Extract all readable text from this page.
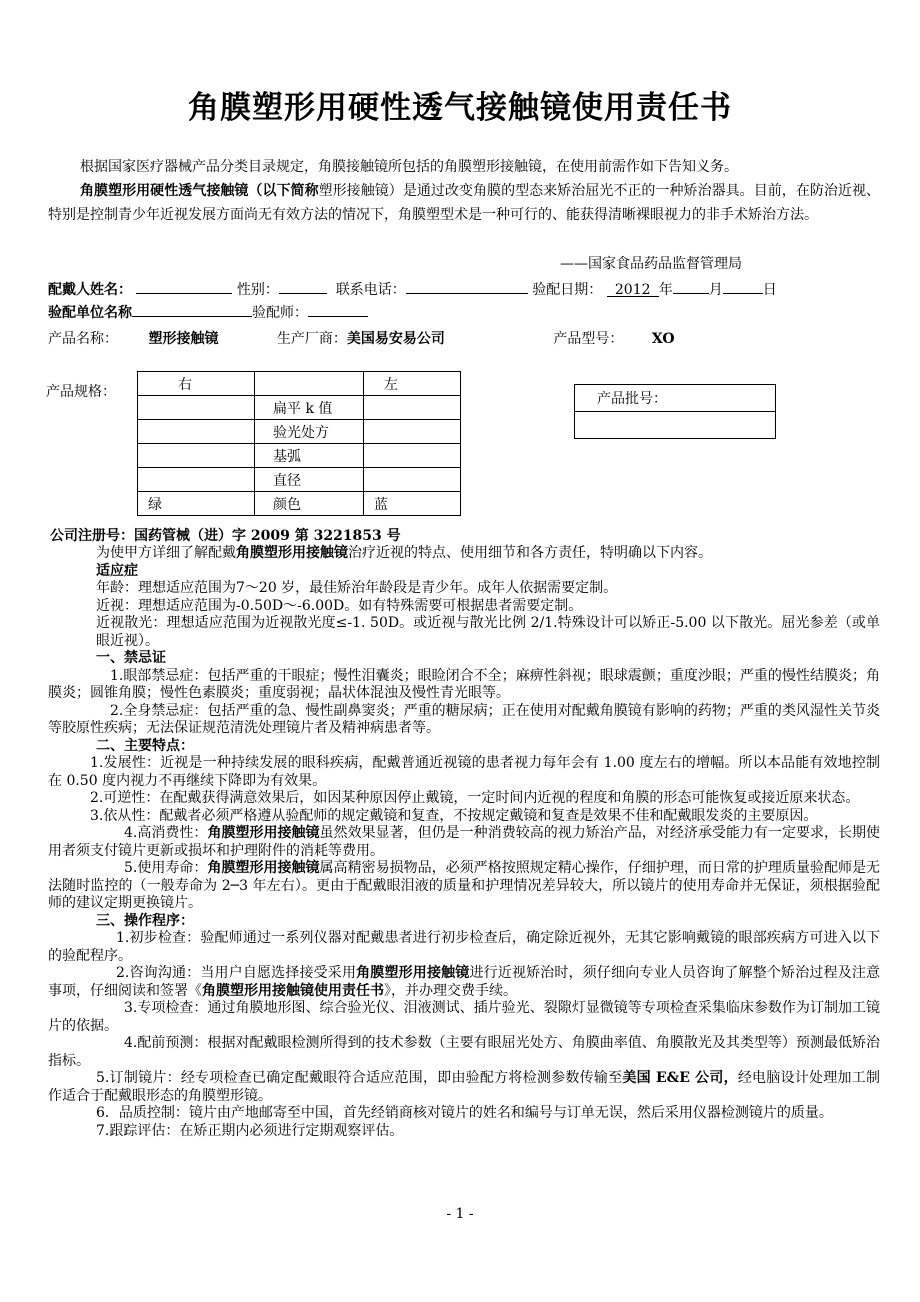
角膜塑形用硬性透气接触镜使用责任书

根据国家医疗器械产品分类目录规定，角膜接触镜所包括的角膜塑形接触镜，在使用前需作如下告知义务。

角膜塑形用硬性透气接触镜（以下简称塑形接触镜）是通过改变角膜的型态来矫治屈光不正的一种矫治器具。目前，在防治近视、特别是控制青少年近视发展方面尚无有效方法的情况下，角膜塑型术是一种可行的、能获得清晰裸眼视力的非手术矫治方法。

——国家食品药品监督管理局
配戴人姓名：	性别：	联系电话：	验配日期： 2012 年	月	日
验配单位名称	验配师：
产品名称： 塑形接触镜	生产厂商：美国易安易公司	产品型号： XO
产品规格：	右		左
	扁平 k 值	
	验光处方	
	基弧	
	直径	
绿	颜色	蓝
产品批号：

公司注册号：国药管械（进）字 2009 第 3221853 号

为使甲方详细了解配戴角膜塑形用接触镜治疗近视的特点、使用细节和各方责任，特明确以下内容。

适应症

年龄：理想适应范围为7～20 岁，最佳矫治年龄段是青少年。成年人依据需要定制。

近视：理想适应范围为-0.50D～-6.00D。如有特殊需要可根据患者需要定制。

近视散光：理想适应范围为近视散光度≤-1. 50D。或近视与散光比例 2/1.特殊设计可以矫正-5.00 以下散光。屈光参差（或单眼近视）。

一、禁忌证

1.眼部禁忌症：包括严重的干眼症；慢性泪囊炎；眼睑闭合不全；麻痹性斜视；眼球震颤；重度沙眼；严重的慢性结膜炎；角膜炎；圆锥角膜；慢性色素膜炎；重度弱视；晶状体混浊及慢性青光眼等。

2.全身禁忌症：包括严重的急、慢性副鼻窦炎；严重的糖尿病；正在使用对配戴角膜镜有影响的药物；严重的类风湿性关节炎等胶原性疾病；无法保证规范清洗处理镜片者及精神病患者等。

二、主要特点：

1.发展性：近视是一种持续发展的眼科疾病，配戴普通近视镜的患者视力每年会有 1.00 度左右的增幅。所以本品能有效地控制在 0.50 度内视力不再继续下降即为有效果。

2.可逆性：在配戴获得满意效果后，如因某种原因停止戴镜，一定时间内近视的程度和角膜的形态可能恢复或接近原来状态。

3.依从性：配戴者必须严格遵从验配师的规定戴镜和复查，不按规定戴镜和复查是效果不佳和配戴眼发炎的主要原因。

4.高消费性：角膜塑形用接触镜虽然效果显著，但仍是一种消费较高的视力矫治产品，对经济承受能力有一定要求，长期使用者须支付镜片更新或损坏和护理附件的消耗等费用。

5.使用寿命：角膜塑形用接触镜属高精密易损物品，必须严格按照规定精心操作，仔细护理，而日常的护理质量验配师是无法随时监控的（一般寿命为 2─3 年左右）。更由于配戴眼泪液的质量和护理情况差异较大，所以镜片的使用寿命并无保证，须根据验配师的建议定期更换镜片。

三、操作程序：

1.初步检查：验配师通过一系列仪器对配戴患者进行初步检查后，确定除近视外，无其它影响戴镜的眼部疾病方可进入以下的验配程序。

2.咨询沟通：当用户自愿选择接受采用角膜塑形用接触镜进行近视矫治时，须仔细向专业人员咨询了解整个矫治过程及注意事项，仔细阅读和签署《角膜塑形用接触镜使用责任书》，并办理交费手续。

3.专项检查：通过角膜地形图、综合验光仪、泪液测试、插片验光、裂隙灯显微镜等专项检查采集临床参数作为订制加工镜片的依据。

4.配前预测：根据对配戴眼检测所得到的技术参数（主要有眼屈光处方、角膜曲率值、角膜散光及其类型等）预测最低矫治指标。

5.订制镜片：经专项检查已确定配戴眼符合适应范围，即由验配方将检测参数传输至美国 E&E 公司，经电脑设计处理加工制作适合于配戴眼形态的角膜塑形镜。

6．品质控制：镜片由产地邮寄至中国，首先经销商核对镜片的姓名和编号与订单无误，然后采用仪器检测镜片的质量。

7.跟踪评估：在矫正期内必须进行定期观察评估。

- 1 -
